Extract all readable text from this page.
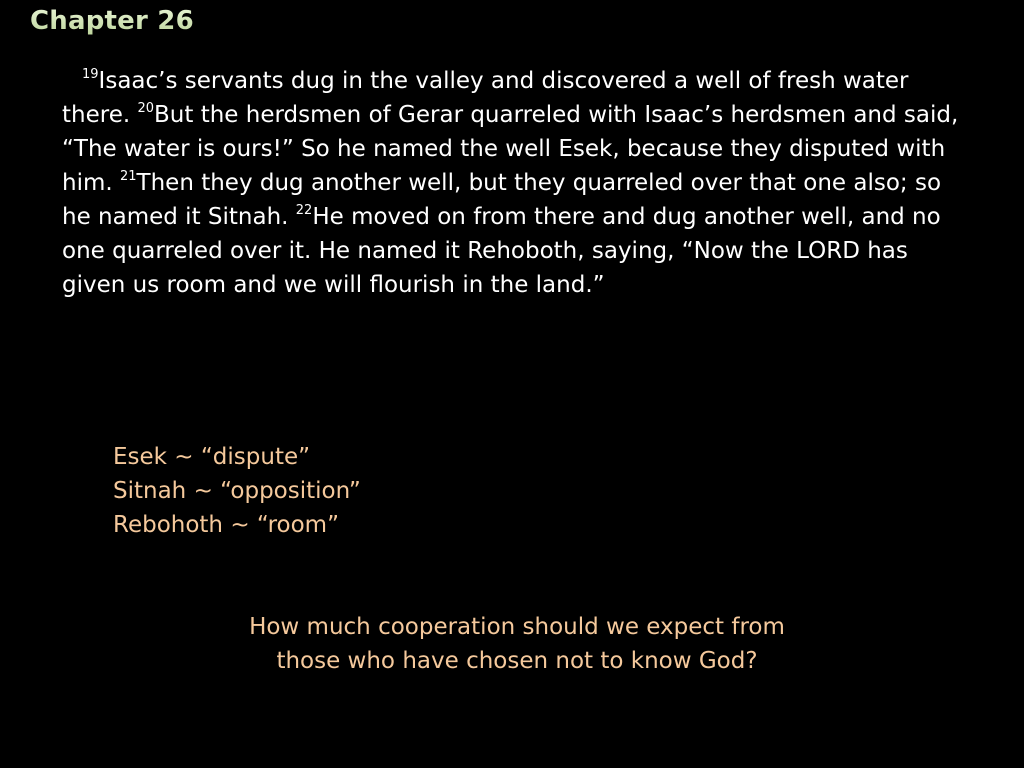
Chapter 26

$^{19}$Isaac’s servants dug in the valley and discovered a well of fresh water there. $^{20}$But the herdsmen of Gerar quarreled with Isaac’s herdsmen and said, “The water is ours!” So he named the well Esek, because they disputed with him. $^{21}$Then they dug another well, but they quarreled over that one also; so he named it Sitnah. $^{22}$He moved on from there and dug another well, and no one quarreled over it. He named it Rehoboth, saying, “Now the LORD has given us room and we will flourish in the land.”

Esek ~ “dispute”
Sitnah ~ “opposition”
Rebohoth ~ “room”

How much cooperation should we expect from
those who have chosen not to know God?
